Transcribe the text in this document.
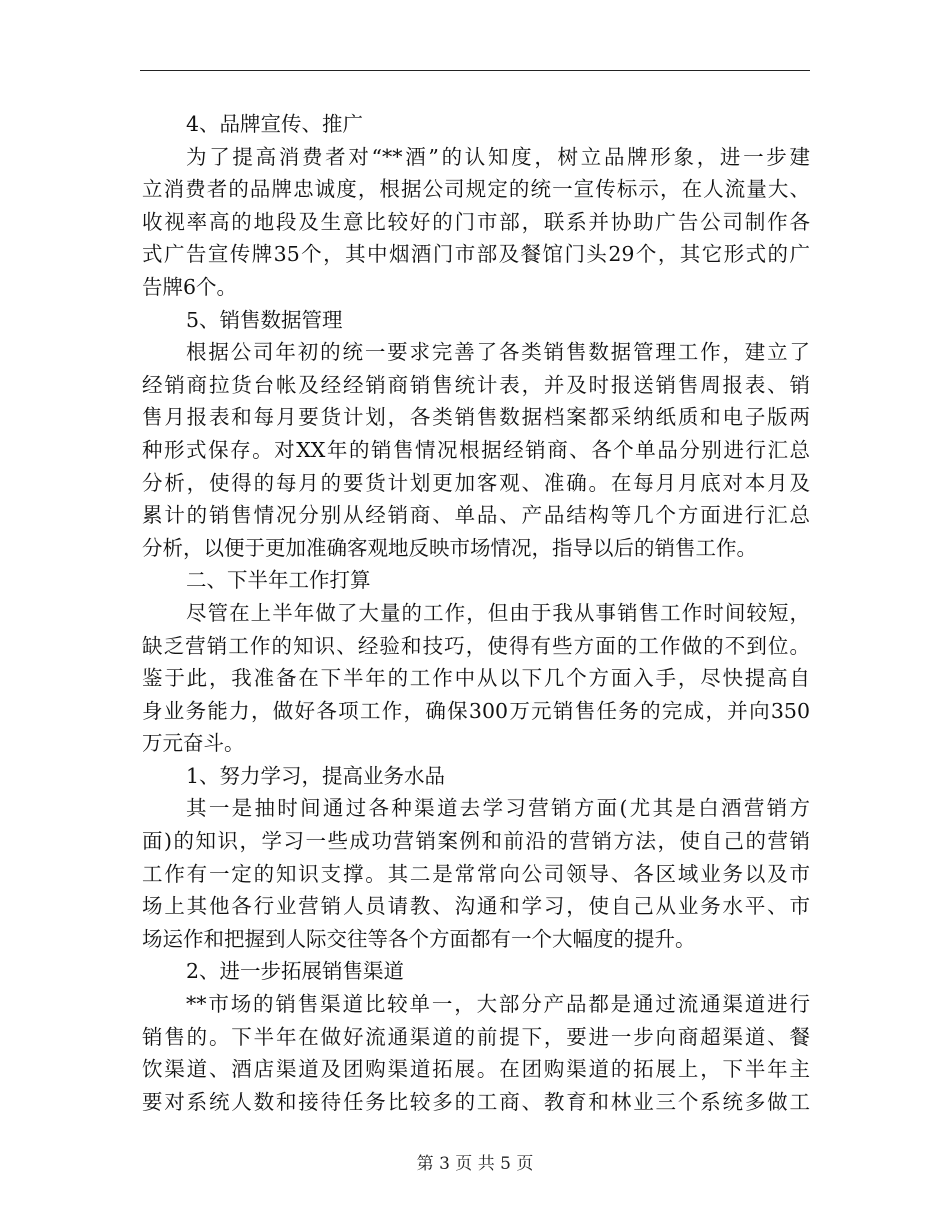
4、品牌宣传、推广
为了提高消费者对“**酒”的认知度，树立品牌形象，进一步建
立消费者的品牌忠诚度，根据公司规定的统一宣传标示，在人流量大、
收视率高的地段及生意比较好的门市部，联系并协助广告公司制作各
式广告宣传牌35个，其中烟酒门市部及餐馆门头29个，其它形式的广
告牌6个。
5、销售数据管理
根据公司年初的统一要求完善了各类销售数据管理工作，建立了
经销商拉货台帐及经经销商销售统计表，并及时报送销售周报表、销
售月报表和每月要货计划，各类销售数据档案都采纳纸质和电子版两
种形式保存。对XX年的销售情况根据经销商、各个单品分别进行汇总
分析，使得的每月的要货计划更加客观、准确。在每月月底对本月及
累计的销售情况分别从经销商、单品、产品结构等几个方面进行汇总
分析，以便于更加准确客观地反映市场情况，指导以后的销售工作。
二、下半年工作打算
尽管在上半年做了大量的工作，但由于我从事销售工作时间较短，
缺乏营销工作的知识、经验和技巧，使得有些方面的工作做的不到位。
鉴于此，我准备在下半年的工作中从以下几个方面入手，尽快提高自
身业务能力，做好各项工作，确保300万元销售任务的完成，并向350
万元奋斗。
1、努力学习，提高业务水品
其一是抽时间通过各种渠道去学习营销方面(尤其是白酒营销方
面)的知识，学习一些成功营销案例和前沿的营销方法，使自己的营销
工作有一定的知识支撑。其二是常常向公司领导、各区域业务以及市
场上其他各行业营销人员请教、沟通和学习，使自己从业务水平、市
场运作和把握到人际交往等各个方面都有一个大幅度的提升。
2、进一步拓展销售渠道
**市场的销售渠道比较单一，大部分产品都是通过流通渠道进行
销售的。下半年在做好流通渠道的前提下，要进一步向商超渠道、餐
饮渠道、酒店渠道及团购渠道拓展。在团购渠道的拓展上，下半年主
要对系统人数和接待任务比较多的工商、教育和林业三个系统多做工
第 3 页 共 5 页
